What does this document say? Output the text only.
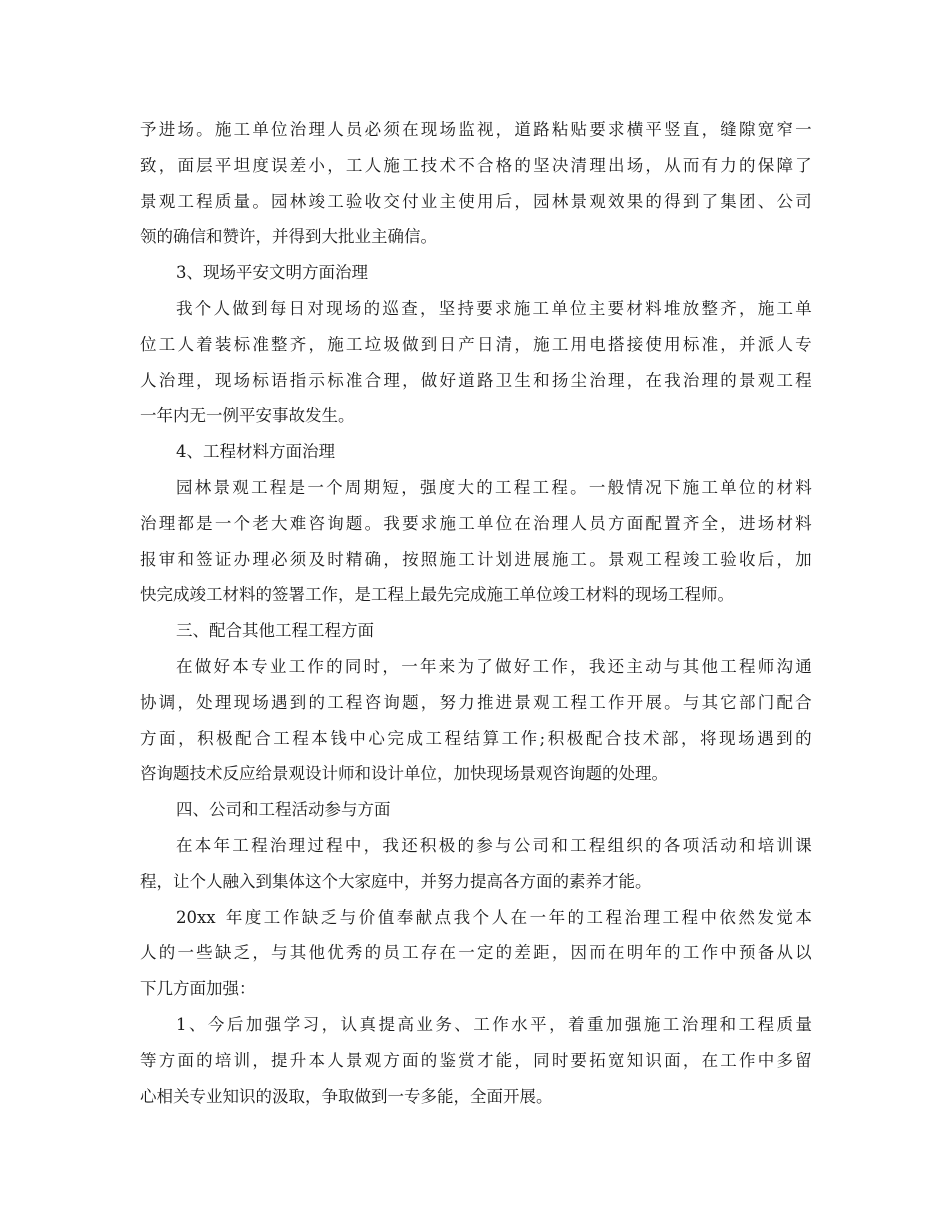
予 进 场 。 施 工 单 位 治 理 人 员 必 须 在 现 场 监 视 ， 道 路 粘 贴 要 求 横 平 竖 直 ， 缝 隙 宽 窄 一
致 ， 面 层 平 坦 度 误 差 小 ， 工 人 施 工 技 术 不 合 格 的 坚 决 清 理 出 场 ， 从 而 有 力 的 保 障 了
景 观 工 程 质 量 。 园 林 竣 工 验 收 交 付 业 主 使 用 后 ， 园 林 景 观 效 果 的 得 到 了 集 团 、 公 司
领的确信和赞许，并得到大批业主确信。
3、现场平安文明方面治理
我 个 人 做 到 每 日 对 现 场 的 巡 查 ， 坚 持 要 求 施 工 单 位 主 要 材 料 堆 放 整 齐 ， 施 工 单
位 工 人 着 装 标 准 整 齐 ， 施 工 垃 圾 做 到 日 产 日 清 ， 施 工 用 电 搭 接 使 用 标 准 ， 并 派 人 专
人 治 理 ， 现 场 标 语 指 示 标 准 合 理 ， 做 好 道 路 卫 生 和 扬 尘 治 理 ， 在 我 治 理 的 景 观 工 程
一年内无一例平安事故发生。
4、工程材料方面治理
园 林 景 观 工 程 是 一 个 周 期 短 ， 强 度 大 的 工 程 工 程 。 一 般 情 况 下 施 工 单 位 的 材 料
治 理 都 是 一 个 老 大 难 咨 询 题 。 我 要 求 施 工 单 位 在 治 理 人 员 方 面 配 置 齐 全 ， 进 场 材 料
报 审 和 签 证 办 理 必 须 及 时 精 确 ， 按 照 施 工 计 划 进 展 施 工 。 景 观 工 程 竣 工 验 收 后 ， 加
快完成竣工材料的签署工作，是工程上最先完成施工单位竣工材料的现场工程师。
三、配合其他工程工程方面
在 做 好 本 专 业 工 作 的 同 时 ， 一 年 来 为 了 做 好 工 作 ， 我 还 主 动 与 其 他 工 程 师 沟 通
协 调 ， 处 理 现 场 遇 到 的 工 程 咨 询 题 ， 努 力 推 进 景 观 工 程 工 作 开 展 。 与 其 它 部 门 配 合
方 面 ， 积 极 配 合 工 程 本 钱 中 心 完 成 工 程 结 算 工 作 ; 积 极 配 合 技 术 部 ， 将 现 场 遇 到 的
咨询题技术反应给景观设计师和设计单位，加快现场景观咨询题的处理。
四、公司和工程活动参与方面
在 本 年 工 程 治 理 过 程 中 ， 我 还 积 极 的 参 与 公 司 和 工 程 组 织 的 各 项 活 动 和 培 训 课
程，让个人融入到集体这个大家庭中，并努力提高各方面的素养才能。
20xx
年 度 工 作 缺 乏 与 价 值 奉 献 点 我 个 人 在 一 年 的 工 程 治 理 工 程 中 依 然 发 觉 本
人 的 一 些 缺 乏 ， 与 其 他 优 秀 的 员 工 存 在 一 定 的 差 距 ， 因 而 在 明 年 的 工 作 中 预 备 从 以
下几方面加强：
1 、 今 后 加 强 学 习 ， 认 真 提 高 业 务 、 工 作 水 平 ， 着 重 加 强 施 工 治 理 和 工 程 质 量
等 方 面 的 培 训 ， 提 升 本 人 景 观 方 面 的 鉴 赏 才 能 ， 同 时 要 拓 宽 知 识 面 ， 在 工 作 中 多 留
心相关专业知识的汲取，争取做到一专多能，全面开展。
